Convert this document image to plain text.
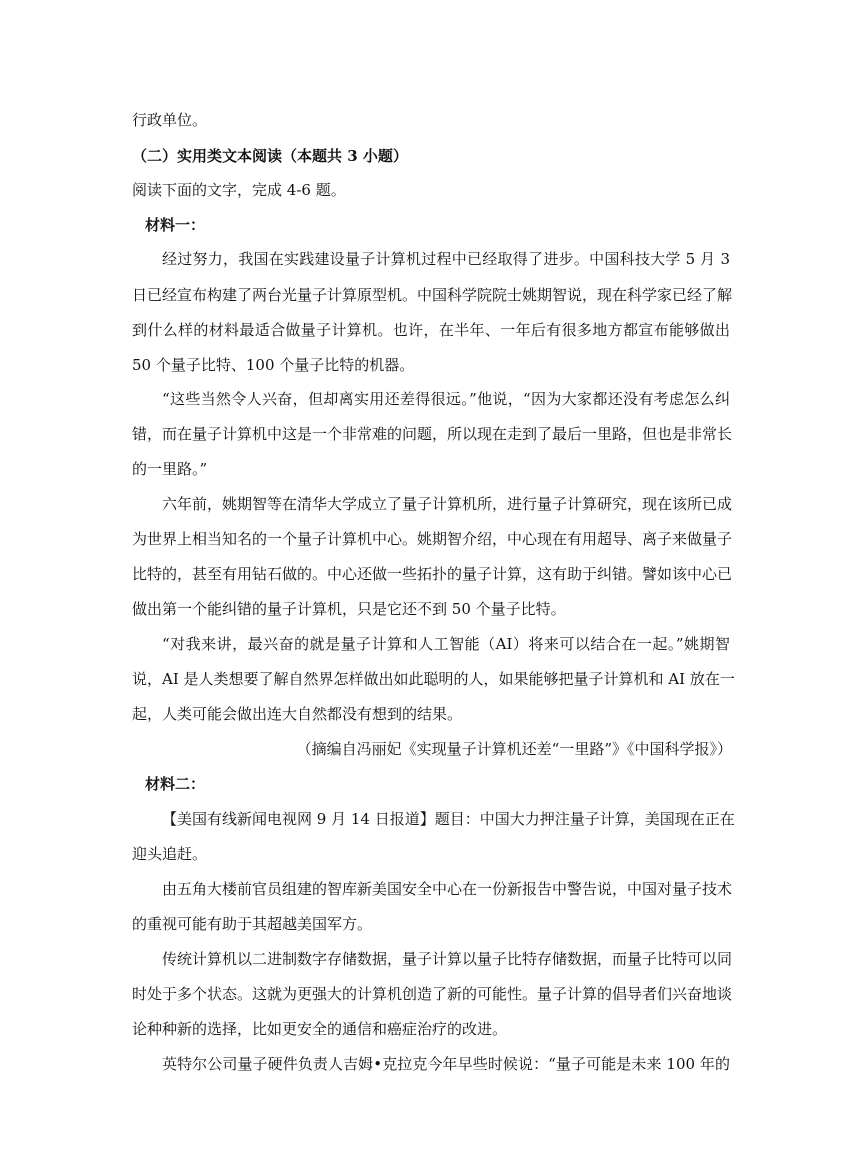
行政单位。
（二）实用类文本阅读（本题共 3 小题）
阅读下面的文字，完成 4-6 题。
材料一：
经过努力，我国在实践建设量子计算机过程中已经取得了进步。中国科技大学 5 月 3
日已经宣布构建了两台光量子计算原型机。中国科学院院士姚期智说，现在科学家已经了解
到什么样的材料最适合做量子计算机。也许，在半年、一年后有很多地方都宣布能够做出
50 个量子比特、100 个量子比特的机器。
“这些当然令人兴奋，但却离实用还差得很远。”他说，“因为大家都还没有考虑怎么纠
错，而在量子计算机中这是一个非常难的问题，所以现在走到了最后一里路，但也是非常长
的一里路。”
六年前，姚期智等在清华大学成立了量子计算机所，进行量子计算研究，现在该所已成
为世界上相当知名的一个量子计算机中心。姚期智介绍，中心现在有用超导、离子来做量子
比特的，甚至有用钻石做的。中心还做一些拓扑的量子计算，这有助于纠错。譬如该中心已
做出第一个能纠错的量子计算机，只是它还不到 50 个量子比特。
“对我来讲，最兴奋的就是量子计算和人工智能（AI）将来可以结合在一起。”姚期智
说，AI 是人类想要了解自然界怎样做出如此聪明的人，如果能够把量子计算机和 AI 放在一
起，人类可能会做出连大自然都没有想到的结果。
（摘编自冯丽妃《实现量子计算机还差“一里路”》《中国科学报》）
材料二：
【美国有线新闻电视网 9 月 14 日报道】题目：中国大力押注量子计算，美国现在正在
迎头追赶。
由五角大楼前官员组建的智库新美国安全中心在一份新报告中警告说，中国对量子技术
的重视可能有助于其超越美国军方。
传统计算机以二进制数字存储数据，量子计算以量子比特存储数据，而量子比特可以同
时处于多个状态。这就为更强大的计算机创造了新的可能性。量子计算的倡导者们兴奋地谈
论种种新的选择，比如更安全的通信和癌症治疗的改进。
英特尔公司量子硬件负责人吉姆•克拉克今年早些时候说：“量子可能是未来 100 年的
